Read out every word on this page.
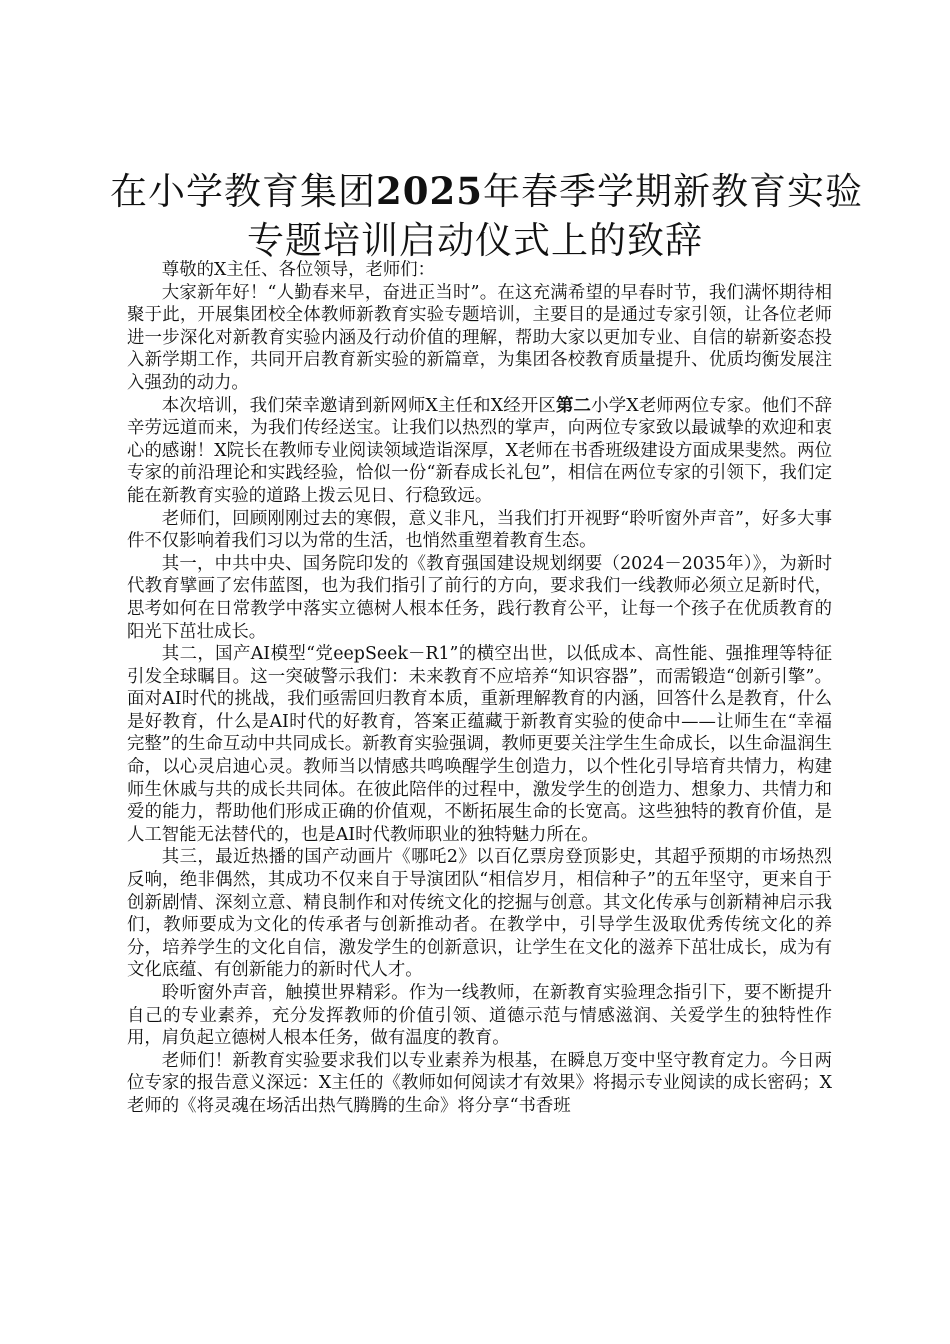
在小学教育集团2025年春季学期新教育实验
专题培训启动仪式上的致辞

尊敬的X主任、各位领导，老师们：

大家新年好！“人勤春来早，奋进正当时”。在这充满希望的早春时节，我们满怀期待相聚于此，开展集团校全体教师新教育实验专题培训，主要目的是通过专家引领，让各位老师进一步深化对新教育实验内涵及行动价值的理解，帮助大家以更加专业、自信的崭新姿态投入新学期工作，共同开启教育新实验的新篇章，为集团各校教育质量提升、优质均衡发展注入强劲的动力。

本次培训，我们荣幸邀请到新网师X主任和X经开区第二小学X老师两位专家。他们不辞辛劳远道而来，为我们传经送宝。让我们以热烈的掌声，向两位专家致以最诚挚的欢迎和衷心的感谢！X院长在教师专业阅读领域造诣深厚，X老师在书香班级建设方面成果斐然。两位专家的前沿理论和实践经验，恰似一份“新春成长礼包”，相信在两位专家的引领下，我们定能在新教育实验的道路上拨云见日、行稳致远。

老师们，回顾刚刚过去的寒假，意义非凡，当我们打开视野“聆听窗外声音”，好多大事件不仅影响着我们习以为常的生活，也悄然重塑着教育生态。

其一，中共中央、国务院印发的《教育强国建设规划纲要（2024－2035年）》，为新时代教育擘画了宏伟蓝图，也为我们指引了前行的方向，要求我们一线教师必须立足新时代，思考如何在日常教学中落实立德树人根本任务，践行教育公平，让每一个孩子在优质教育的阳光下茁壮成长。

其二，国产AI模型“党eepSeek－R1”的横空出世，以低成本、高性能、强推理等特征引发全球瞩目。这一突破警示我们：未来教育不应培养“知识容器”，而需锻造“创新引擎”。面对AI时代的挑战，我们亟需回归教育本质，重新理解教育的内涵，回答什么是教育，什么是好教育，什么是AI时代的好教育，答案正蕴藏于新教育实验的使命中——让师生在“幸福完整”的生命互动中共同成长。新教育实验强调，教师更要关注学生生命成长，以生命温润生命，以心灵启迪心灵。教师当以情感共鸣唤醒学生创造力，以个性化引导培育共情力，构建师生休戚与共的成长共同体。在彼此陪伴的过程中，激发学生的创造力、想象力、共情力和爱的能力，帮助他们形成正确的价值观，不断拓展生命的长宽高。这些独特的教育价值，是人工智能无法替代的，也是AI时代教师职业的独特魅力所在。

其三，最近热播的国产动画片《哪吒2》以百亿票房登顶影史，其超乎预期的市场热烈反响，绝非偶然，其成功不仅来自于导演团队“相信岁月，相信种子”的五年坚守，更来自于创新剧情、深刻立意、精良制作和对传统文化的挖掘与创意。其文化传承与创新精神启示我们，教师要成为文化的传承者与创新推动者。在教学中，引导学生汲取优秀传统文化的养分，培养学生的文化自信，激发学生的创新意识，让学生在文化的滋养下茁壮成长，成为有文化底蕴、有创新能力的新时代人才。

聆听窗外声音，触摸世界精彩。作为一线教师，在新教育实验理念指引下，要不断提升自己的专业素养，充分发挥教师的价值引领、道德示范与情感滋润、关爱学生的独特性作用，肩负起立德树人根本任务，做有温度的教育。

老师们！新教育实验要求我们以专业素养为根基，在瞬息万变中坚守教育定力。今日两位专家的报告意义深远：X主任的《教师如何阅读才有效果》将揭示专业阅读的成长密码；X老师的《将灵魂在场活出热气腾腾的生命》将分享“书香班
